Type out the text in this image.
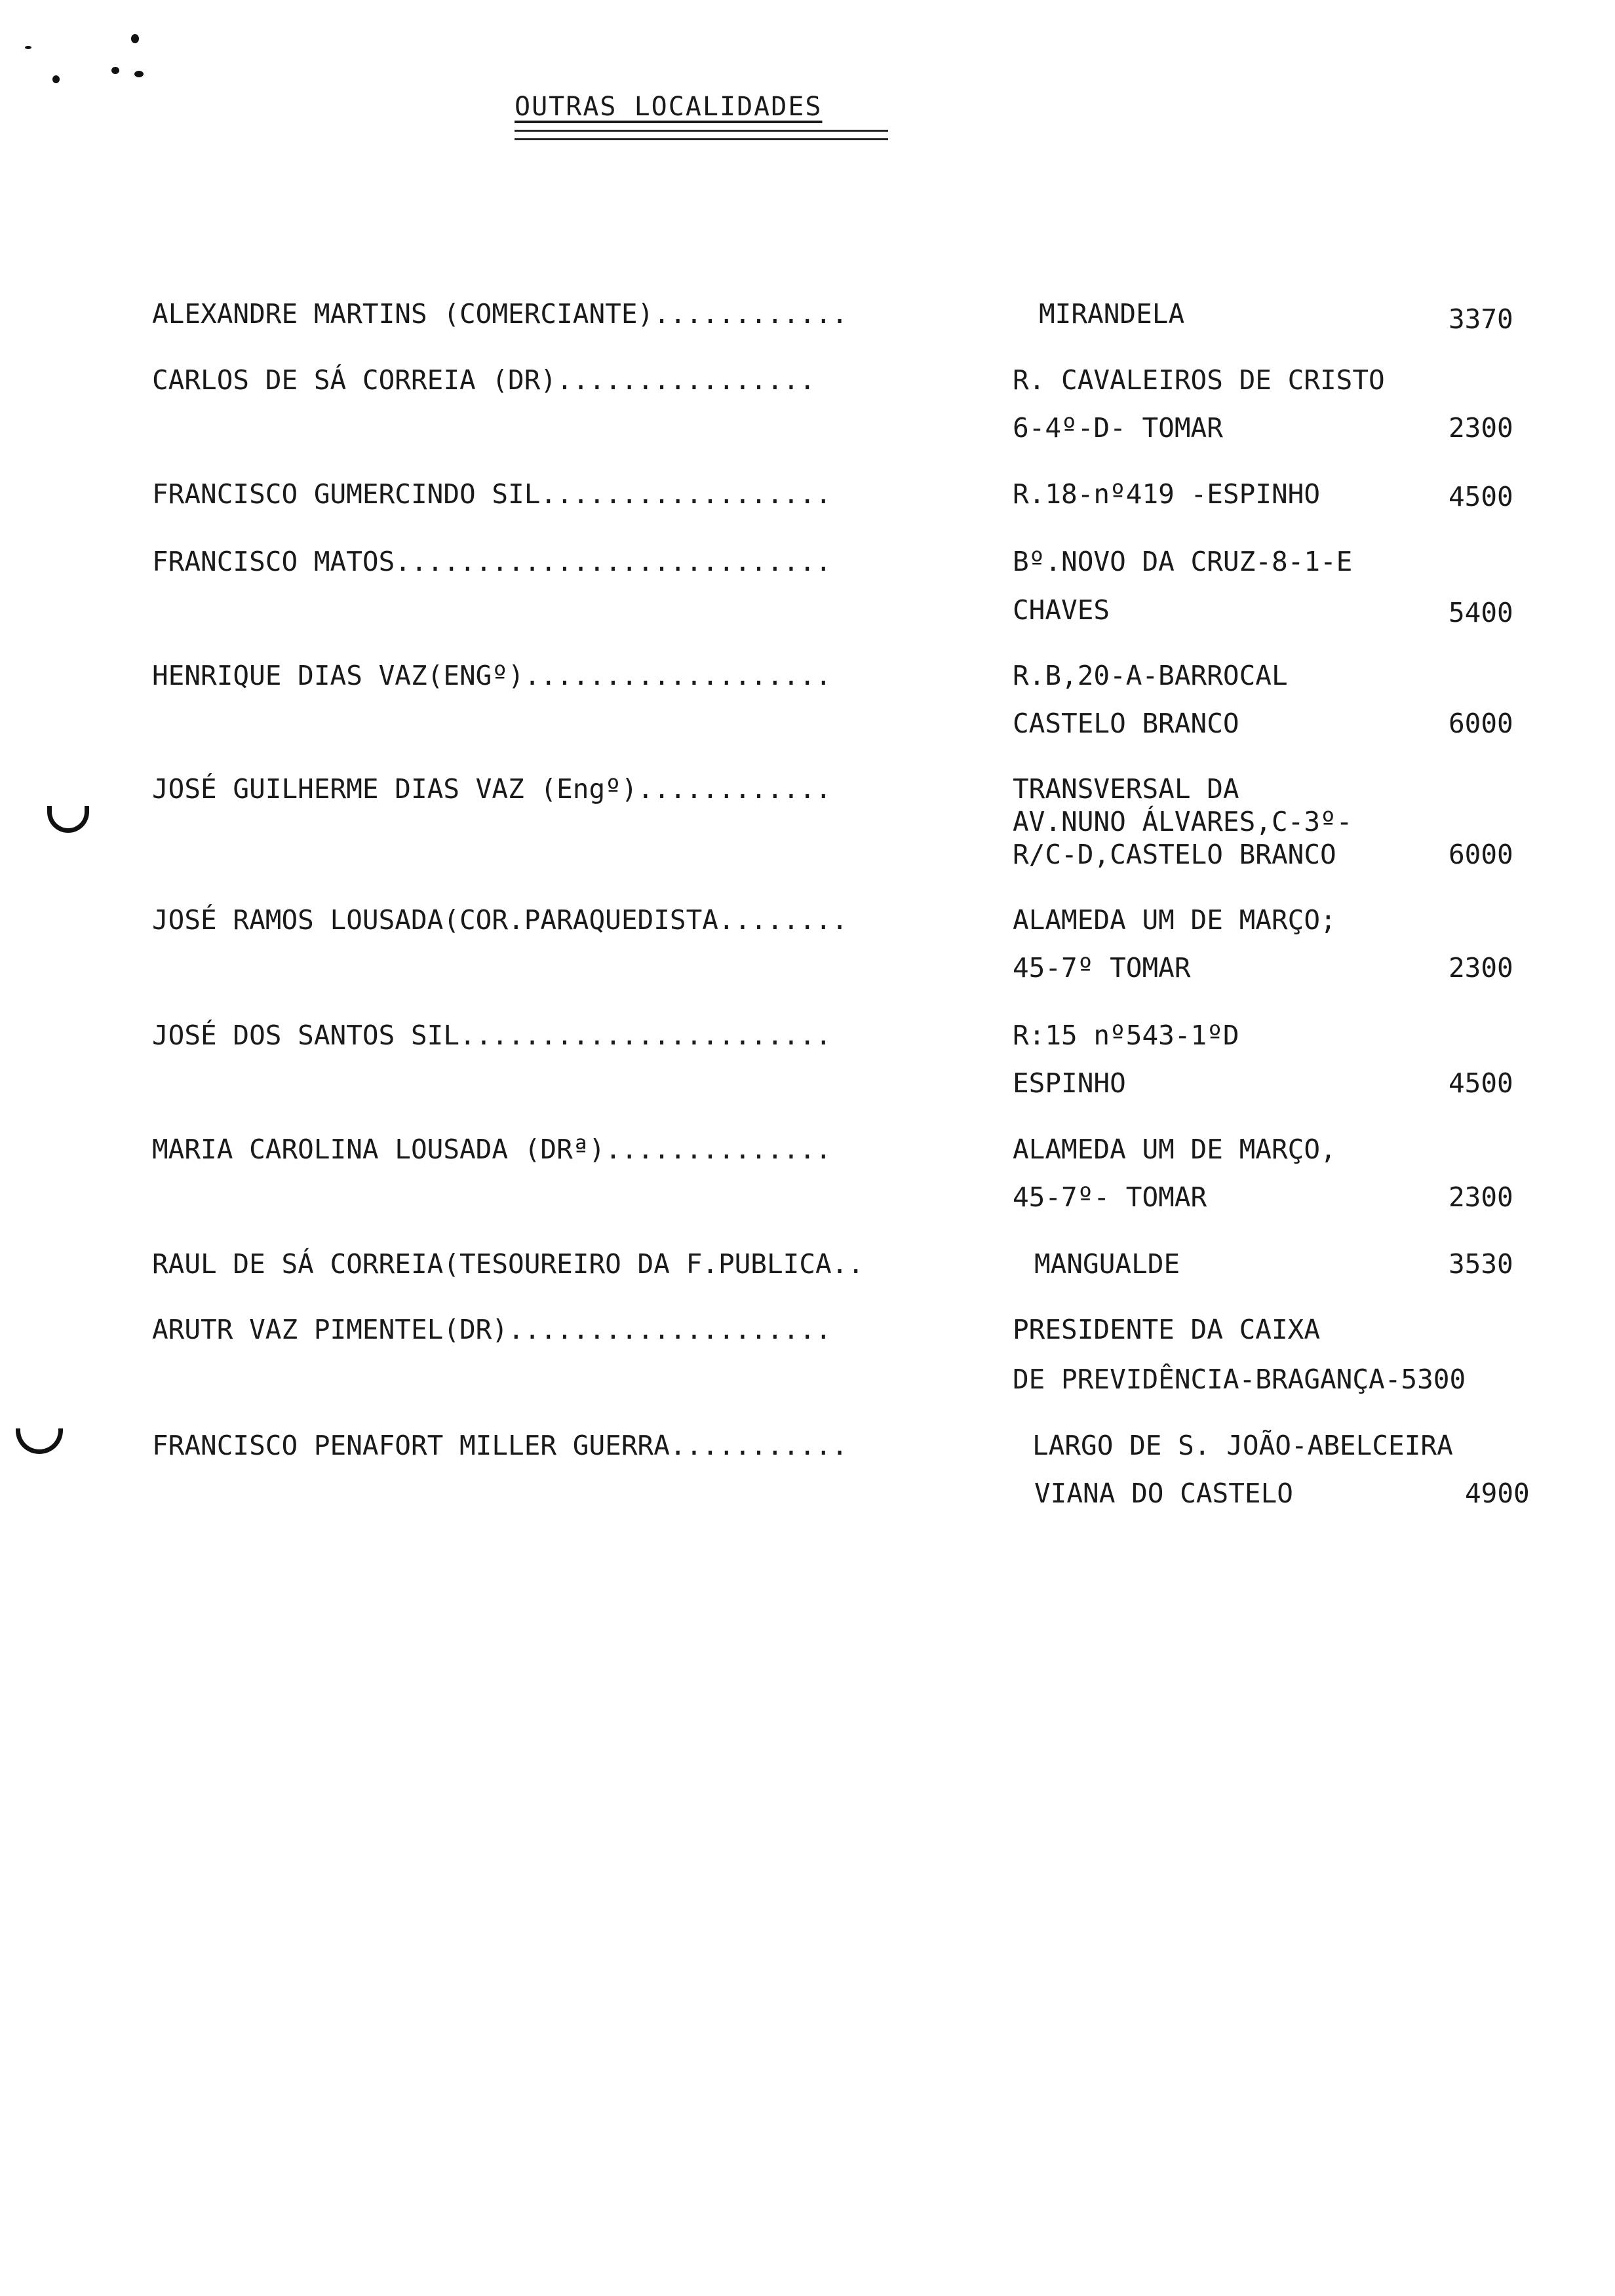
OUTRAS LOCALIDADES
ALEXANDRE MARTINS (COMERCIANTE)............	MIRANDELA	3370
CARLOS DE SÁ CORREIA (DR)................	R. CAVALEIROS DE CRISTO
6-4º-D- TOMAR	2300
FRANCISCO GUMERCINDO SIL..................	R.18-nº419 -ESPINHO	4500
FRANCISCO MATOS...........................	Bº.NOVO DA CRUZ-8-1-E
CHAVES	5400
HENRIQUE DIAS VAZ(ENGº)...................	R.B,20-A-BARROCAL
CASTELO BRANCO	6000
JOSÉ GUILHERME DIAS VAZ (Engº)............	TRANSVERSAL DA
AV.NUNO ÁLVARES,C-3º-
R/C-D,CASTELO BRANCO	6000
JOSÉ RAMOS LOUSADA(COR.PARAQUEDISTA........	ALAMEDA UM DE MARÇO;
45-7º TOMAR	2300
JOSÉ DOS SANTOS SIL.......................	R:15 nº543-1ºD
ESPINHO	4500
MARIA CAROLINA LOUSADA (DRª)..............	ALAMEDA UM DE MARÇO,
45-7º- TOMAR	2300
RAUL DE SÁ CORREIA(TESOUREIRO DA F.PUBLICA..	MANGUALDE	3530
ARUTR VAZ PIMENTEL(DR)....................	PRESIDENTE DA CAIXA
DE PREVIDÊNCIA-BRAGANÇA-5300
FRANCISCO PENAFORT MILLER GUERRA...........	LARGO DE S. JOÃO-ABELCEIRA
VIANA DO CASTELO	4900
